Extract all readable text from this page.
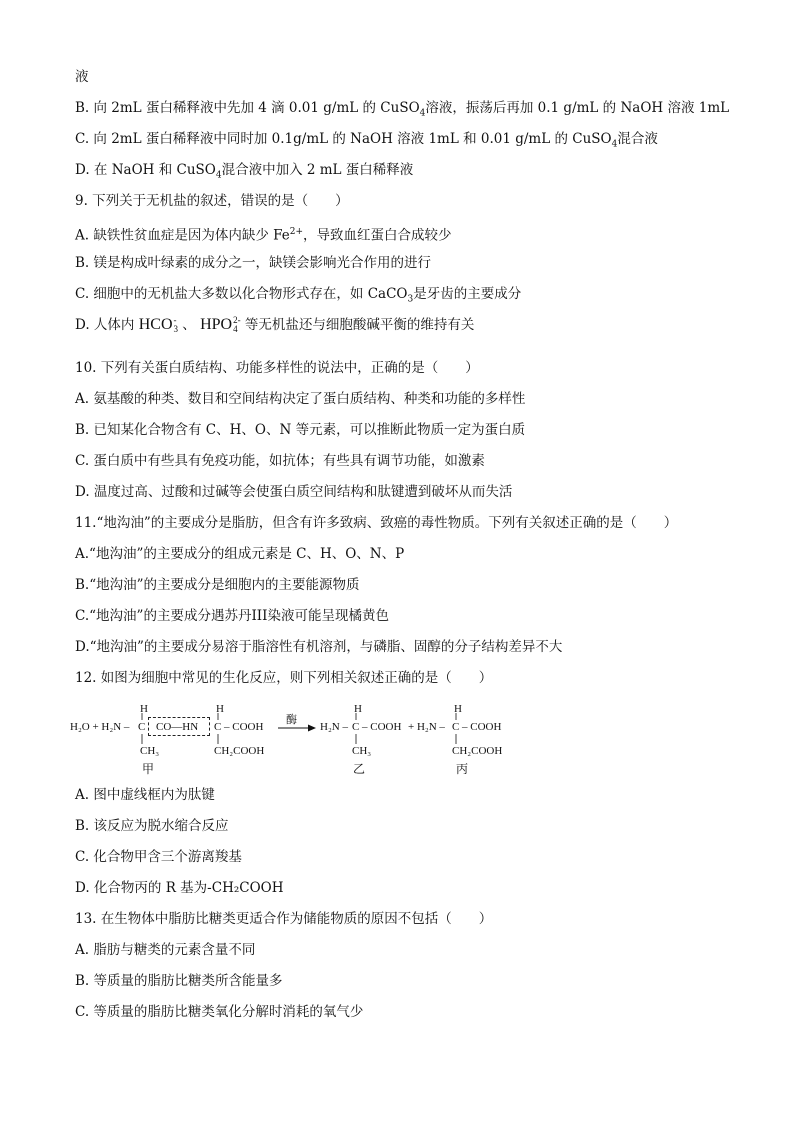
液
B. 向 2mL 蛋白稀释液中先加 4 滴 0.01 g/mL 的 CuSO$_4$溶液，振荡后再加 0.1 g/mL 的 NaOH 溶液 1mL
C. 向 2mL 蛋白稀释液中同时加 0.1g/mL 的 NaOH 溶液 1mL 和 0.01 g/mL 的 CuSO$_4$混合液
D. 在 NaOH 和 CuSO$_4$混合液中加入 2 mL 蛋白稀释液
9. 下列关于无机盐的叙述，错误的是（　　）
A. 缺铁性贫血症是因为体内缺少 $Fe^{2+}$，导致血红蛋白合成较少
B. 镁是构成叶绿素的成分之一，缺镁会影响光合作用的进行
C. 细胞中的无机盐大多数以化合物形式存在，如 CaCO$_3$是牙齿的主要成分
D. 人体内 HCO -
3 、 HPO 2-
4 等无机盐还与细胞酸碱平衡的维持有关
10. 下列有关蛋白质结构、功能多样性的说法中，正确的是（　　）
A. 氨基酸的种类、数目和空间结构决定了蛋白质结构、种类和功能的多样性
B. 已知某化合物含有 C、H、O、N 等元素，可以推断此物质一定为蛋白质
C. 蛋白质中有些具有免疫功能，如抗体；有些具有调节功能，如激素
D. 温度过高、过酸和过碱等会使蛋白质空间结构和肽键遭到破坏从而失活
11.“地沟油”的主要成分是脂肪，但含有许多致病、致癌的毒性物质。下列有关叙述正确的是（　　）
A.“地沟油”的主要成分的组成元素是 C、H、O、N、P
B.“地沟油”的主要成分是细胞内的主要能源物质
C.“地沟油”的主要成分遇苏丹III染液可能呈现橘黄色
D.“地沟油”的主要成分易溶于脂溶性有机溶剂，与磷脂、固醇的分子结构差异不大
12. 如图为细胞中常见的生化反应，则下列相关叙述正确的是（　　）
H₂O + H₂N –
H
C
CH₃
CO—HN
H
C – COOH
CH₂COOH
甲
酶
→ H₂N –
H
C – COOH
CH₃
乙
+ H₂N –
H
C – COOH
CH₂COOH
丙
A. 图中虚线框内为肽键
B. 该反应为脱水缩合反应
C. 化合物甲含三个游离羧基
D. 化合物丙的 R 基为-CH₂COOH
13. 在生物体中脂肪比糖类更适合作为储能物质的原因不包括（　　）
A. 脂肪与糖类的元素含量不同
B. 等质量的脂肪比糖类所含能量多
C. 等质量的脂肪比糖类氧化分解时消耗的氧气少
